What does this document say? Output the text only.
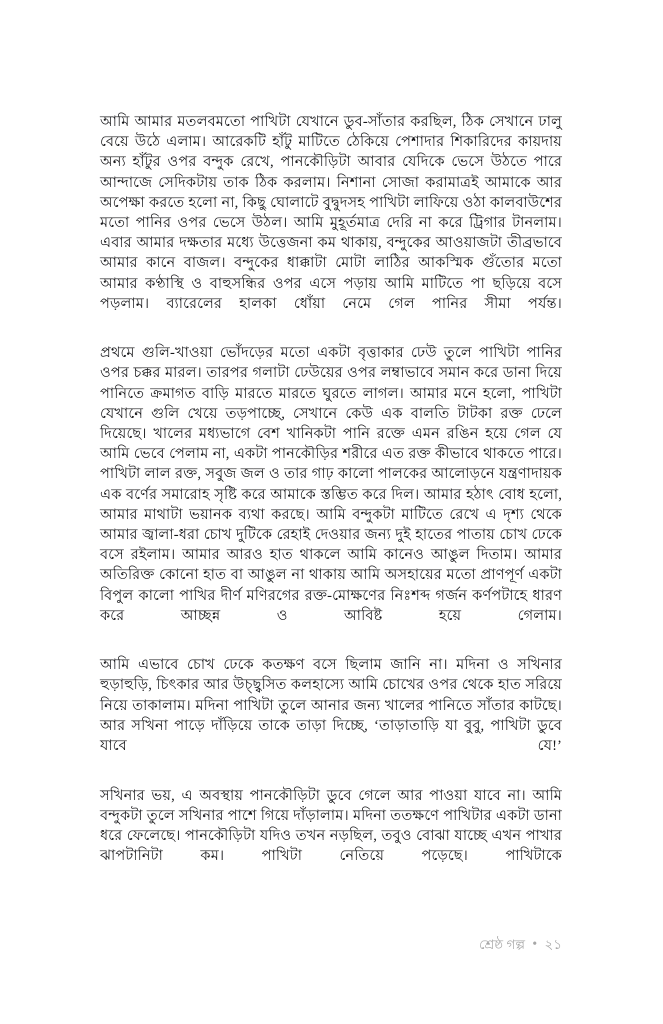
আমি আমার মতলবমতো পাখিটা যেখানে ডুব-সাঁতার করছিল, ঠিক সেখানে ঢালু বেয়ে উঠে এলাম। আরেকটি হাঁটু মাটিতে ঠেকিয়ে পেশাদার শিকারিদের কায়দায় অন্য হাঁটুর ওপর বন্দুক রেখে, পানকৌড়িটা আবার যেদিকে ভেসে উঠতে পারে আন্দাজে সেদিকটায় তাক ঠিক করলাম। নিশানা সোজা করামাত্রই আমাকে আর অপেক্ষা করতে হলো না, কিছু ঘোলাটে বুদ্বুদসহ পাখিটা লাফিয়ে ওঠা কালবাউশের মতো পানির ওপর ভেসে উঠল। আমি মুহূর্তমাত্র দেরি না করে ট্রিগার টানলাম। এবার আমার দক্ষতার মধ্যে উত্তেজনা কম থাকায়, বন্দুকের আওয়াজটা তীব্রভাবে আমার কানে বাজল। বন্দুকের ধাক্কাটা মোটা লাঠির আকস্মিক গুঁতোর মতো আমার কণ্ঠাস্থি ও বাহুসন্ধির ওপর এসে পড়ায় আমি মাটিতে পা ছড়িয়ে বসে পড়লাম। ব্যারেলের হালকা ধোঁয়া নেমে গেল পানির সীমা পর্যন্ত।

প্রথমে গুলি-খাওয়া ভোঁদড়ের মতো একটা বৃত্তাকার ঢেউ তুলে পাখিটা পানির ওপর চক্কর মারল। তারপর গলাটা ঢেউয়ের ওপর লম্বাভাবে সমান করে ডানা দিয়ে পানিতে ক্রমাগত বাড়ি মারতে মারতে ঘুরতে লাগল। আমার মনে হলো, পাখিটা যেখানে গুলি খেয়ে তড়পাচ্ছে, সেখানে কেউ এক বালতি টাটকা রক্ত ঢেলে দিয়েছে। খালের মধ্যভাগে বেশ খানিকটা পানি রক্তে এমন রঙিন হয়ে গেল যে আমি ভেবে পেলাম না, একটা পানকৌড়ির শরীরে এত রক্ত কীভাবে থাকতে পারে। পাখিটা লাল রক্ত, সবুজ জল ও তার গাঢ় কালো পালকের আলোড়নে যন্ত্রণাদায়ক এক বর্ণের সমারোহ সৃষ্টি করে আমাকে স্তম্ভিত করে দিল। আমার হঠাৎ বোধ হলো, আমার মাথাটা ভয়ানক ব্যথা করছে। আমি বন্দুকটা মাটিতে রেখে এ দৃশ্য থেকে আমার জ্বালা-ধরা চোখ দুটিকে রেহাই দেওয়ার জন্য দুই হাতের পাতায় চোখ ঢেকে বসে রইলাম। আমার আরও হাত থাকলে আমি কানেও আঙুল দিতাম। আমার অতিরিক্ত কোনো হাত বা আঙুল না থাকায় আমি অসহায়ের মতো প্রাণপূর্ণ একটা বিপুল কালো পাখির দীর্ণ মণিরগের রক্ত-মোক্ষণের নিঃশব্দ গর্জন কর্ণপটাহে ধারণ করে আচ্ছন্ন ও আবিষ্ট হয়ে গেলাম।

আমি এভাবে চোখ ঢেকে কতক্ষণ বসে ছিলাম জানি না। মদিনা ও সখিনার হুড়াহুড়ি, চিৎকার আর উচ্ছ্বসিত কলহাস্যে আমি চোখের ওপর থেকে হাত সরিয়ে নিয়ে তাকালাম। মদিনা পাখিটা তুলে আনার জন্য খালের পানিতে সাঁতার কাটছে। আর সখিনা পাড়ে দাঁড়িয়ে তাকে তাড়া দিচ্ছে, ‘তাড়াতাড়ি যা বুবু, পাখিটা ডুবে যাবে যে!’

সখিনার ভয়, এ অবস্থায় পানকৌড়িটা ডুবে গেলে আর পাওয়া যাবে না। আমি বন্দুকটা তুলে সখিনার পাশে গিয়ে দাঁড়ালাম। মদিনা ততক্ষণে পাখিটার একটা ডানা ধরে ফেলেছে। পানকৌড়িটা যদিও তখন নড়ছিল, তবুও বোঝা যাচ্ছে এখন পাখার ঝাপটানিটা কম। পাখিটা নেতিয়ে পড়েছে। পাখিটাকে

শ্রেষ্ঠ গল্প • ২১
